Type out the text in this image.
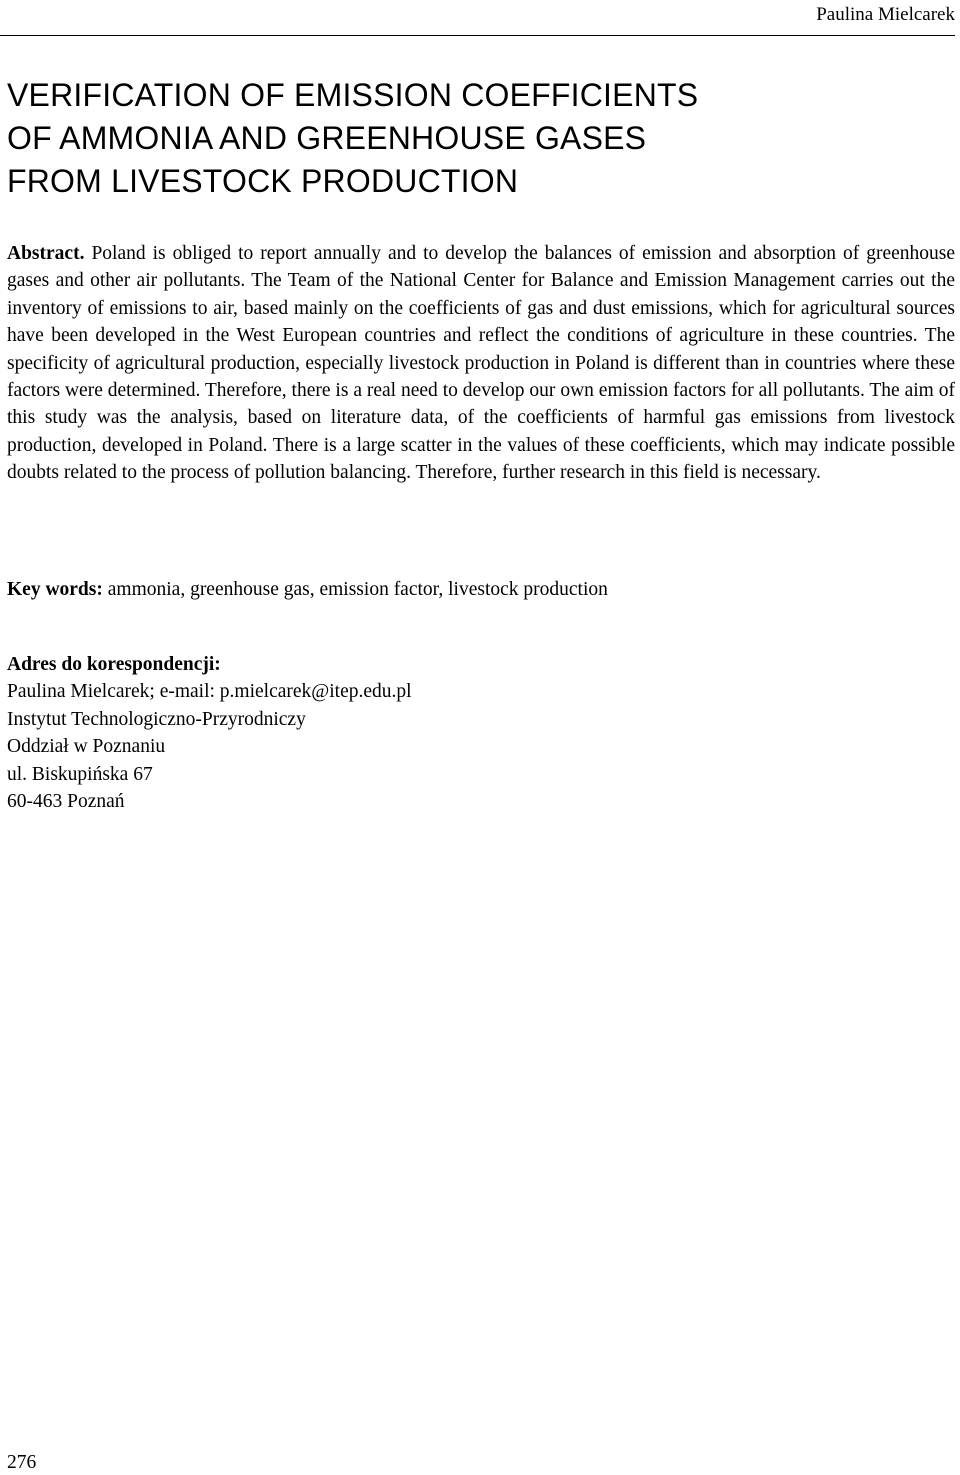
Paulina Mielcarek
VERIFICATION OF EMISSION COEFFICIENTS
OF AMMONIA AND GREENHOUSE GASES
FROM LIVESTOCK PRODUCTION

Abstract. Poland is obliged to report annually and to develop the balances of emission and absorption of greenhouse gases and other air pollutants. The Team of the National Center for Balance and Emission Management carries out the inventory of emissions to air, based mainly on the coefficients of gas and dust emissions, which for agricultural sources have been developed in the West European countries and reflect the conditions of agriculture in these countries. The specificity of agricultural production, especially livestock production in Poland is different than in countries where these factors were determined. Therefore, there is a real need to develop our own emission factors for all pollutants. The aim of this study was the analysis, based on literature data, of the coefficients of harmful gas emissions from livestock production, developed in Poland. There is a large scatter in the values of these coefficients, which may indicate possible doubts related to the process of pollution balancing. Therefore, further research in this field is necessary.

Key words: ammonia, greenhouse gas, emission factor, livestock production

Adres do korespondencji:
Paulina Mielcarek; e-mail: p.mielcarek@itep.edu.pl
Instytut Technologiczno-Przyrodniczy
Oddział w Poznaniu
ul. Biskupińska 67
60-463 Poznań
276
